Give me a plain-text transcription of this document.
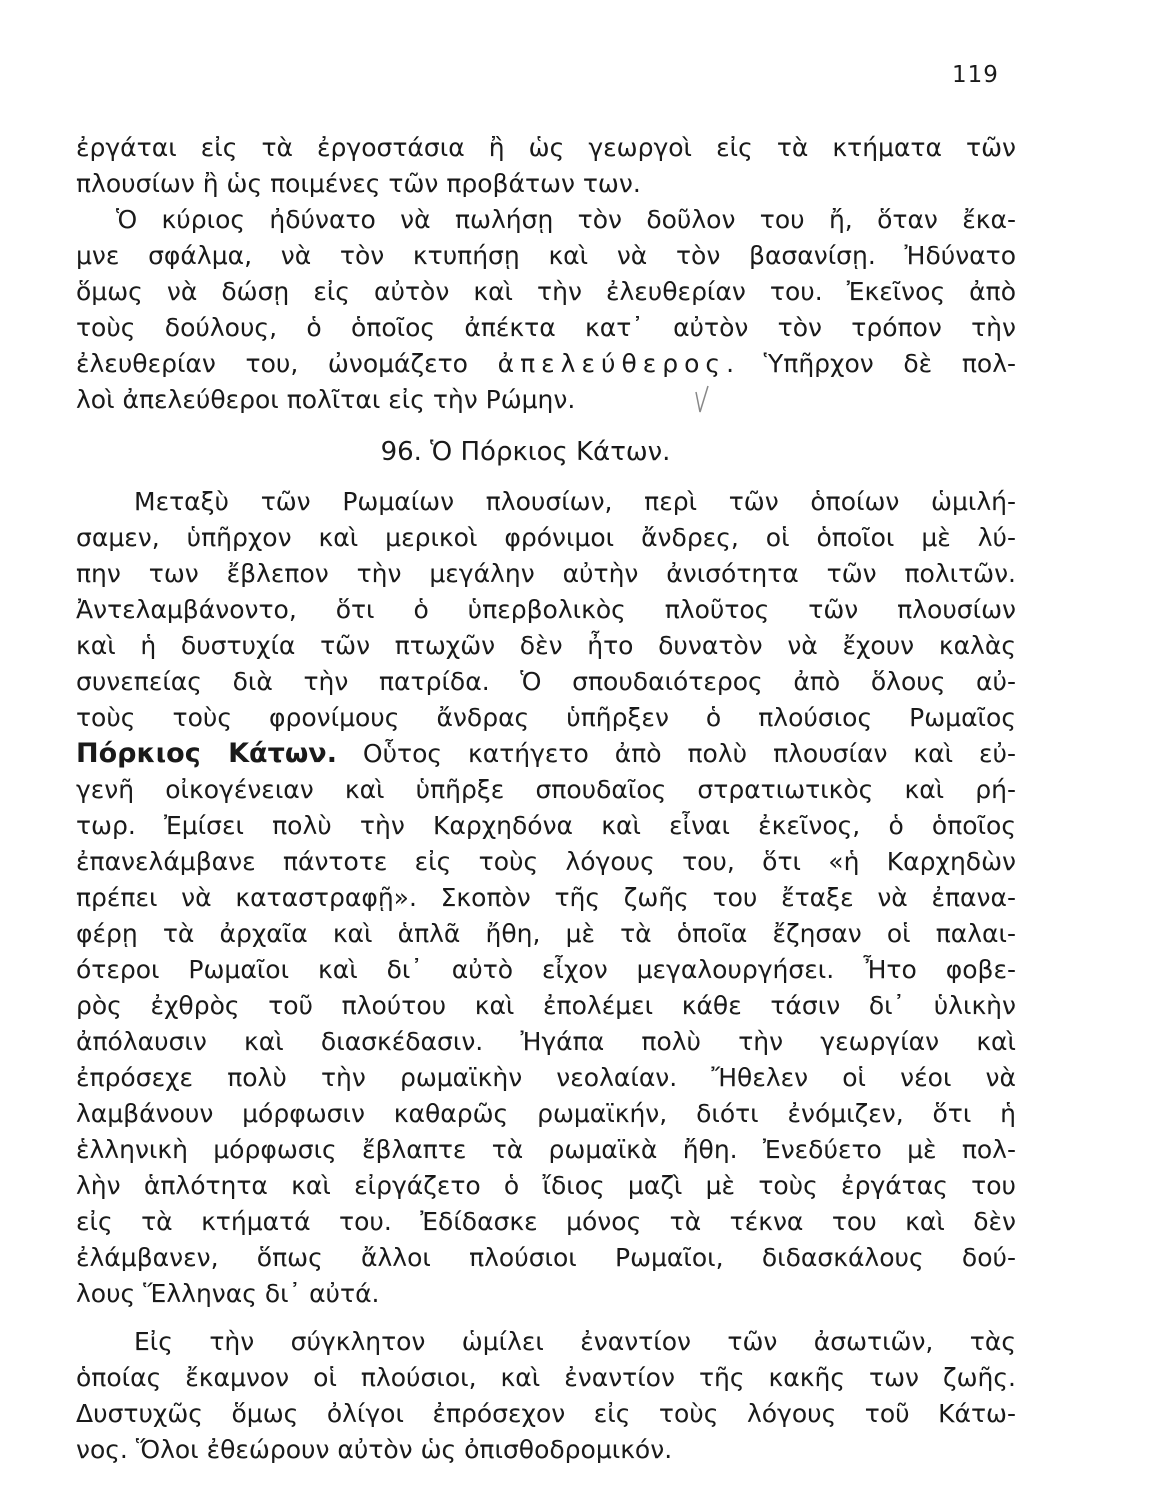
119
ἐργάται εἰς τὰ ἐργοστάσια ἢ ὡς γεωργοὶ εἰς τὰ κτήματα τῶν
πλουσίων ἢ ὡς ποιμένες τῶν προβάτων των.
Ὁ κύριος ἠδύνατο νὰ πωλήσῃ τὸν δοῦλον του ἤ, ὅταν ἔκα-
μνε σφάλμα, νὰ τὸν κτυπήσῃ καὶ νὰ τὸν βασανίσῃ. Ἠδύνατο
ὅμως νὰ δώσῃ εἰς αὐτὸν καὶ τὴν ἐλευθερίαν του. Ἐκεῖνος ἀπὸ
τοὺς δούλους, ὁ ὁποῖος ἀπέκτα κατ᾽ αὐτὸν τὸν τρόπον τὴν
ἐλευθερίαν του, ὠνομάζετο ἀπελεύθερος. Ὑπῆρχον δὲ πολ-
λοὶ ἀπελεύθεροι πολῖται εἰς τὴν Ρώμην.
96. Ὁ Πόρκιος Κάτων.
Μεταξὺ τῶν Ρωμαίων πλουσίων, περὶ τῶν ὁποίων ὡμιλή-
σαμεν, ὑπῆρχον καὶ μερικοὶ φρόνιμοι ἄνδρες, οἱ ὁποῖοι μὲ λύ-
πην των ἔβλεπον τὴν μεγάλην αὐτὴν ἀνισότητα τῶν πολιτῶν.
Ἀντελαμβάνοντο, ὅτι ὁ ὑπερβολικὸς πλοῦτος τῶν πλουσίων
καὶ ἡ δυστυχία τῶν πτωχῶν δὲν ἦτο δυνατὸν νὰ ἔχουν καλὰς
συνεπείας διὰ τὴν πατρίδα. Ὁ σπουδαιότερος ἀπὸ ὅλους αὐ-
τοὺς τοὺς φρονίμους ἄνδρας ὑπῆρξεν ὁ πλούσιος Ρωμαῖος
Πόρκιος Κάτων. Οὗτος κατήγετο ἀπὸ πολὺ πλουσίαν καὶ εὐ-
γενῆ οἰκογένειαν καὶ ὑπῆρξε σπουδαῖος στρατιωτικὸς καὶ ρή-
τωρ. Ἐμίσει πολὺ τὴν Καρχηδόνα καὶ εἶναι ἐκεῖνος, ὁ ὁποῖος
ἐπανελάμβανε πάντοτε εἰς τοὺς λόγους του, ὅτι «ἡ Καρχηδὼν
πρέπει νὰ καταστραφῇ». Σκοπὸν τῆς ζωῆς του ἔταξε νὰ ἐπανα-
φέρῃ τὰ ἀρχαῖα καὶ ἁπλᾶ ἤθη, μὲ τὰ ὁποῖα ἔζησαν οἱ παλαι-
ότεροι Ρωμαῖοι καὶ δι᾽ αὐτὸ εἶχον μεγαλουργήσει. Ἦτο φοβε-
ρὸς ἐχθρὸς τοῦ πλούτου καὶ ἐπολέμει κάθε τάσιν δι᾽ ὑλικὴν
ἀπόλαυσιν καὶ διασκέδασιν. Ἠγάπα πολὺ τὴν γεωργίαν καὶ
ἐπρόσεχε πολὺ τὴν ρωμαϊκὴν νεολαίαν. Ἤθελεν οἱ νέοι νὰ
λαμβάνουν μόρφωσιν καθαρῶς ρωμαϊκήν, διότι ἐνόμιζεν, ὅτι ἡ
ἑλληνικὴ μόρφωσις ἔβλαπτε τὰ ρωμαϊκὰ ἤθη. Ἐνεδύετο μὲ πολ-
λὴν ἁπλότητα καὶ εἰργάζετο ὁ ἴδιος μαζὶ μὲ τοὺς ἐργάτας του
εἰς τὰ κτήματά του. Ἐδίδασκε μόνος τὰ τέκνα του καὶ δὲν
ἐλάμβανεν, ὅπως ἄλλοι πλούσιοι Ρωμαῖοι, διδασκάλους δού-
λους Ἕλληνας δι᾽ αὐτά.
Εἰς τὴν σύγκλητον ὡμίλει ἐναντίον τῶν ἀσωτιῶν, τὰς
ὁποίας ἔκαμνον οἱ πλούσιοι, καὶ ἐναντίον τῆς κακῆς των ζωῆς.
Δυστυχῶς ὅμως ὀλίγοι ἐπρόσεχον εἰς τοὺς λόγους τοῦ Κάτω-
νος. Ὅλοι ἐθεώρουν αὐτὸν ὡς ὀπισθοδρομικόν.
